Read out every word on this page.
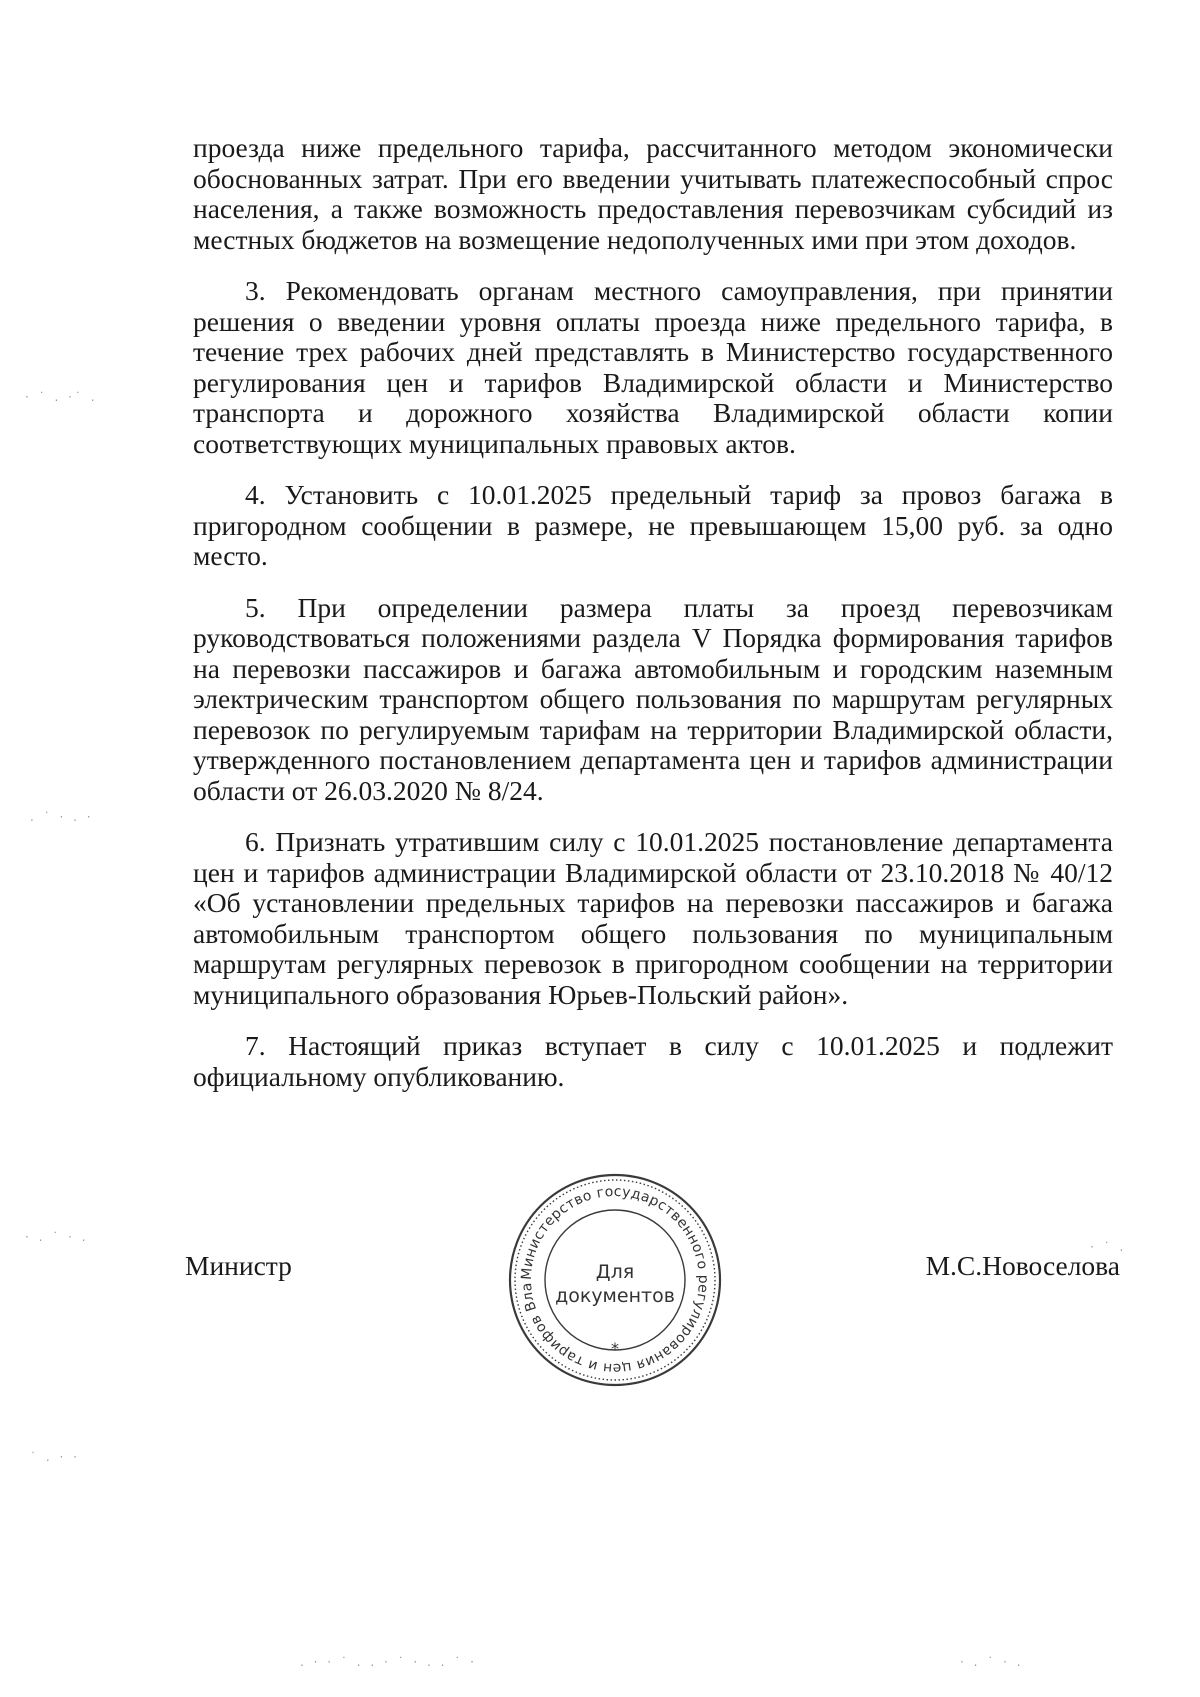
проезда ниже предельного тарифа, рассчитанного методом экономически обоснованных затрат. При его введении учитывать платежеспособный спрос населения, а также возможность предоставления перевозчикам субсидий из местных бюджетов на возмещение недополученных ими при этом доходов.

3. Рекомендовать органам местного самоуправления, при принятии решения о введении уровня оплаты проезда ниже предельного тарифа, в течение трех рабочих дней представлять в Министерство государственного регулирования цен и тарифов Владимирской области и Министерство транспорта и дорожного хозяйства Владимирской области копии соответствующих муниципальных правовых актов.

4. Установить с 10.01.2025 предельный тариф за провоз багажа в пригородном сообщении в размере, не превышающем 15,00 руб. за одно место.

5. При определении размера платы за проезд перевозчикам руководствоваться положениями раздела V Порядка формирования тарифов на перевозки пассажиров и багажа автомобильным и городским наземным электрическим транспортом общего пользования по маршрутам регулярных перевозок по регулируемым тарифам на территории Владимирской области, утвержденного постановлением департамента цен и тарифов администрации области от 26.03.2020 № 8/24.

6. Признать утратившим силу с 10.01.2025 постановление департамента цен и тарифов администрации Владимирской области от 23.10.2018 № 40/12 «Об установлении предельных тарифов на перевозки пассажиров и багажа автомобильным транспортом общего пользования по муниципальным маршрутам регулярных перевозок в пригородном сообщении на территории муниципального образования Юрьев-Польский район».

7. Настоящий приказ вступает в силу с 10.01.2025 и подлежит официальному опубликованию.

Министр	М.С.Новоселова
Министерство государственного регулирования цен и тарифов Вла
*
Для
документов
· ˙ . ·˙ .
. ˙ · . ·
· . ˙ · .
˙ . · ·
. · · ˙ . . · ˙ · . . ˙ ·	· . ˙ · .
· ˙ .
